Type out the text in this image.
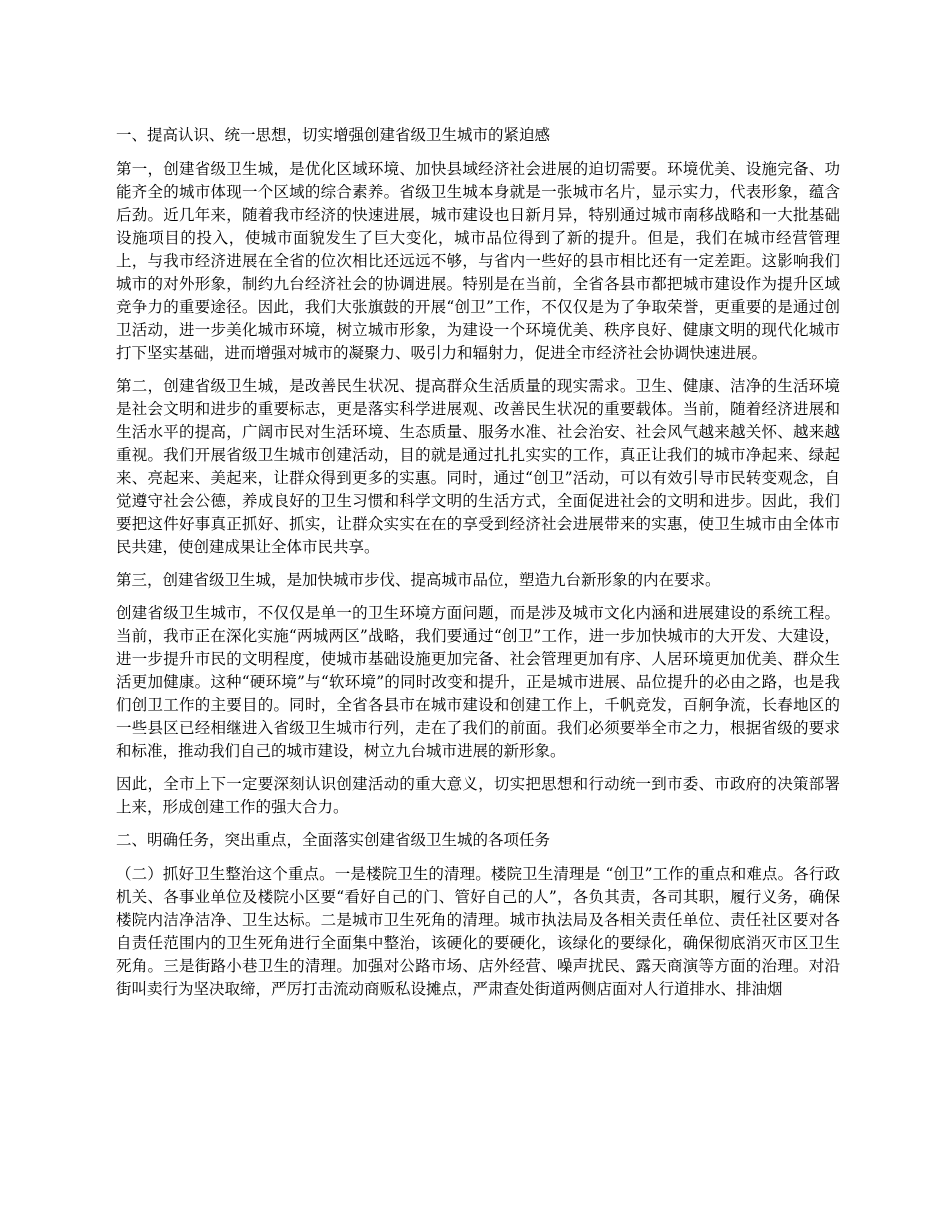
一、提高认识、统一思想，切实增强创建省级卫生城市的紧迫感

第一，创建省级卫生城，是优化区域环境、加快县域经济社会进展的迫切需要。环境优美、设施完备、功能齐全的城市体现一个区域的综合素养。省级卫生城本身就是一张城市名片，显示实力，代表形象，蕴含后劲。近几年来，随着我市经济的快速进展，城市建设也日新月异，特别通过城市南移战略和一大批基础设施项目的投入，使城市面貌发生了巨大变化，城市品位得到了新的提升。但是，我们在城市经营管理上，与我市经济进展在全省的位次相比还远远不够，与省内一些好的县市相比还有一定差距。这影响我们城市的对外形象，制约九台经济社会的协调进展。特别是在当前，全省各县市都把城市建设作为提升区域竞争力的重要途径。因此，我们大张旗鼓的开展“创卫”工作，不仅仅是为了争取荣誉，更重要的是通过创卫活动，进一步美化城市环境，树立城市形象，为建设一个环境优美、秩序良好、健康文明的现代化城市打下坚实基础，进而增强对城市的凝聚力、吸引力和辐射力，促进全市经济社会协调快速进展。

第二，创建省级卫生城，是改善民生状况、提高群众生活质量的现实需求。卫生、健康、洁净的生活环境是社会文明和进步的重要标志，更是落实科学进展观、改善民生状况的重要载体。当前，随着经济进展和生活水平的提高，广阔市民对生活环境、生态质量、服务水准、社会治安、社会风气越来越关怀、越来越重视。我们开展省级卫生城市创建活动，目的就是通过扎扎实实的工作，真正让我们的城市净起来、绿起来、亮起来、美起来，让群众得到更多的实惠。同时，通过“创卫”活动，可以有效引导市民转变观念，自觉遵守社会公德，养成良好的卫生习惯和科学文明的生活方式，全面促进社会的文明和进步。因此，我们要把这件好事真正抓好、抓实，让群众实实在在的享受到经济社会进展带来的实惠，使卫生城市由全体市民共建，使创建成果让全体市民共享。

第三，创建省级卫生城，是加快城市步伐、提高城市品位，塑造九台新形象的内在要求。

创建省级卫生城市，不仅仅是单一的卫生环境方面问题，而是涉及城市文化内涵和进展建设的系统工程。当前，我市正在深化实施“两城两区”战略，我们要通过“创卫”工作，进一步加快城市的大开发、大建设，进一步提升市民的文明程度，使城市基础设施更加完备、社会管理更加有序、人居环境更加优美、群众生活更加健康。这种“硬环境”与“软环境”的同时改变和提升，正是城市进展、品位提升的必由之路，也是我们创卫工作的主要目的。同时，全省各县市在城市建设和创建工作上，千帆竞发，百舸争流，长春地区的一些县区已经相继进入省级卫生城市行列，走在了我们的前面。我们必须要举全市之力，根据省级的要求和标准，推动我们自己的城市建设，树立九台城市进展的新形象。

因此，全市上下一定要深刻认识创建活动的重大意义，切实把思想和行动统一到市委、市政府的决策部署上来，形成创建工作的强大合力。

二、明确任务，突出重点，全面落实创建省级卫生城的各项任务

（二）抓好卫生整治这个重点。一是楼院卫生的清理。楼院卫生清理是 “创卫”工作的重点和难点。各行政机关、各事业单位及楼院小区要“看好自己的门、管好自己的人”，各负其责，各司其职，履行义务，确保楼院内洁净洁净、卫生达标。二是城市卫生死角的清理。城市执法局及各相关责任单位、责任社区要对各自责任范围内的卫生死角进行全面集中整治，该硬化的要硬化，该绿化的要绿化，确保彻底消灭市区卫生死角。三是街路小巷卫生的清理。加强对公路市场、店外经营、噪声扰民、露天商演等方面的治理。对沿街叫卖行为坚决取缔，严厉打击流动商贩私设摊点，严肃查处街道两侧店面对人行道排水、排油烟
